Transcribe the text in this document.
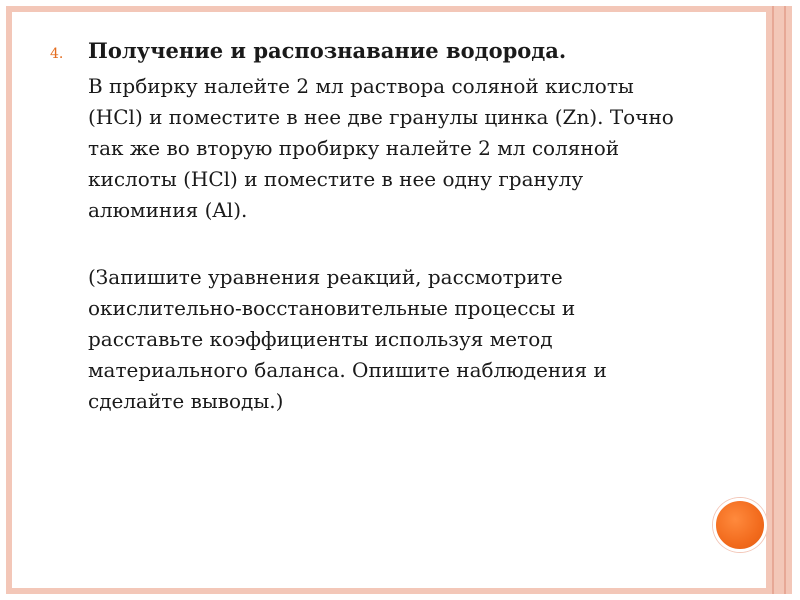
4.	Получение и распознавание водорода.
В прбирку налейте 2 мл раствора соляной кислоты (HCl) и поместите в нее две гранулы цинка (Zn). Точно так же во вторую пробирку налейте 2 мл соляной кислоты (HCl) и поместите в нее одну гранулу алюминия (Al).
(Запишите уравнения реакций, рассмотрите окислительно-восстановительные процессы и расставьте коэффициенты используя метод материального баланса. Опишите наблюдения и сделайте выводы.)
